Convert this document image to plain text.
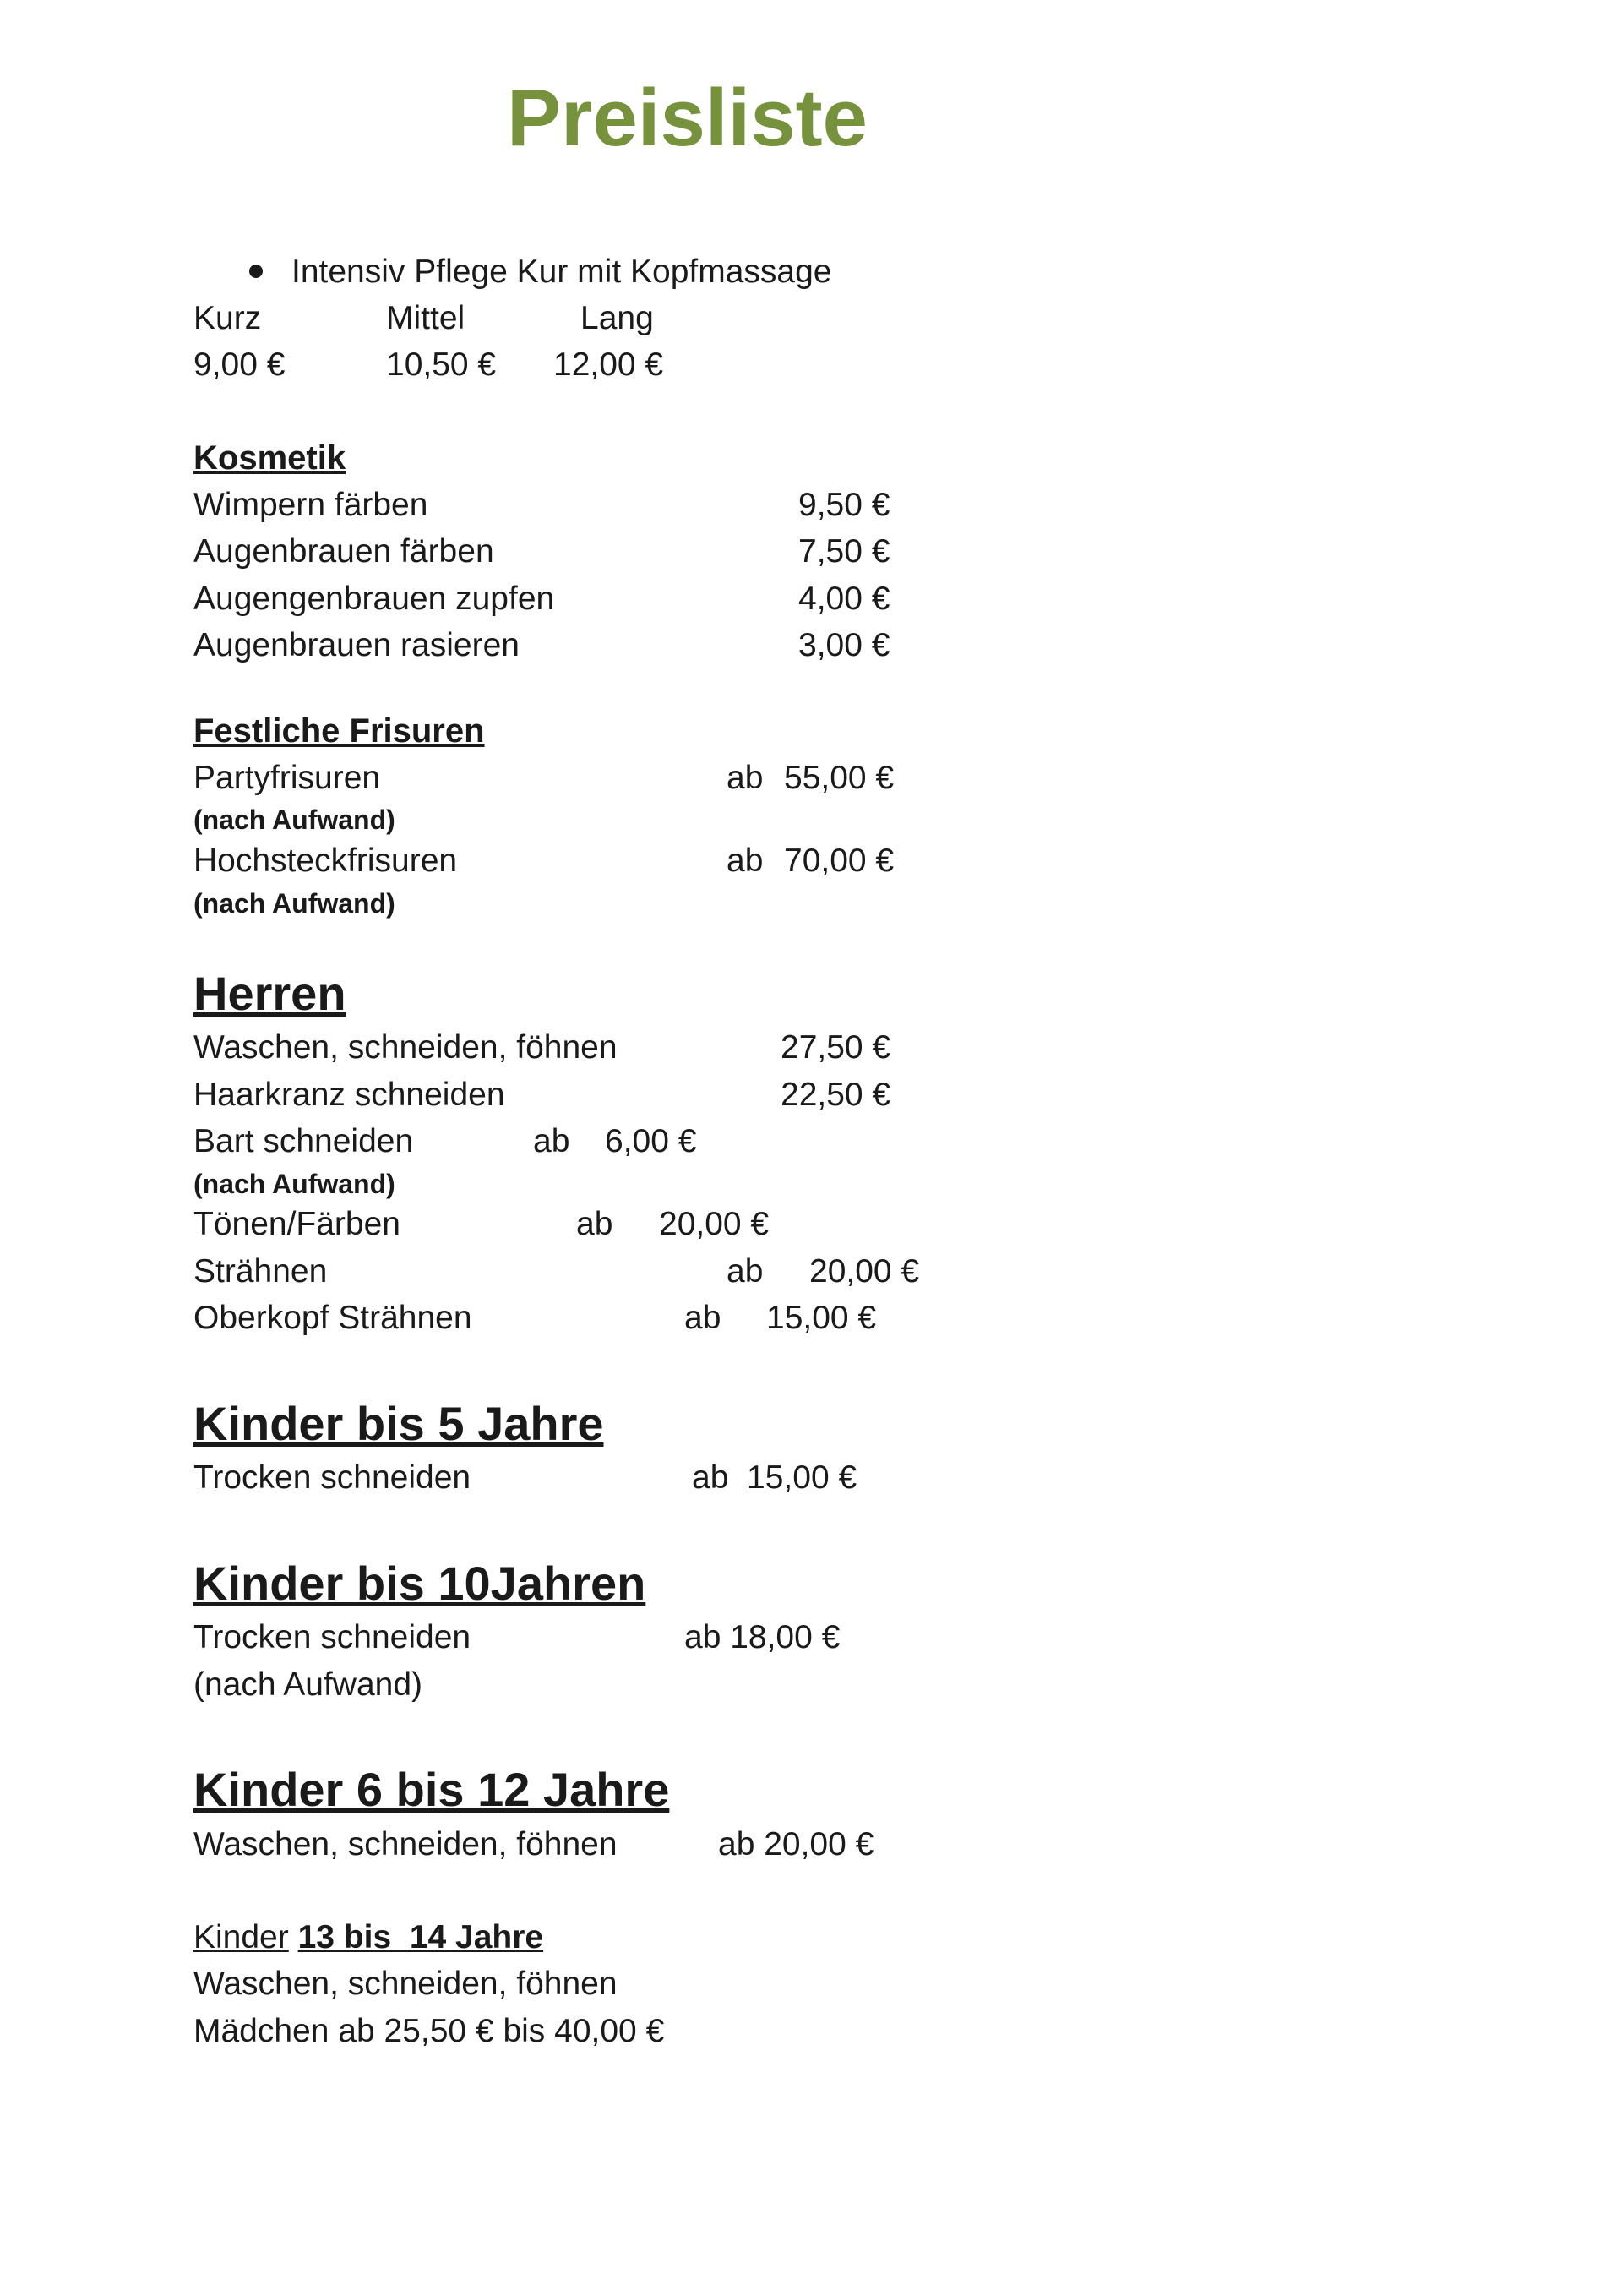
Preisliste
Intensiv Pflege Kur mit Kopfmassage
Kurz	Mittel	Lang
9,00 €	10,50 € 12,00 €
Kosmetik
Wimpern färben	9,50 €
Augenbrauen färben	7,50 €
Augengenbrauen zupfen	4,00 €
Augenbrauen rasieren	3,00 €
Festliche Frisuren
Partyfrisuren	ab 55,00 €
(nach Aufwand)
Hochsteckfrisuren	ab 70,00 €
(nach Aufwand)
Herren
Waschen, schneiden, föhnen	27,50 €
Haarkranz schneiden	22,50 €
Bart schneiden	ab 6,00 €
(nach Aufwand)
Tönen/Färben	ab 20,00 €
Strähnen	ab 20,00 €
Oberkopf Strähnen	ab 15,00 €
Kinder bis 5 Jahre
Trocken schneiden	ab  15,00 €
Kinder bis 10Jahren
Trocken schneiden	ab 18,00 €
(nach Aufwand)
Kinder 6 bis 12 Jahre
Waschen, schneiden, föhnen	ab 20,00 €
Kinder 13 bis  14 Jahre
Waschen, schneiden, föhnen
Mädchen ab 25,50 € bis 40,00 €
